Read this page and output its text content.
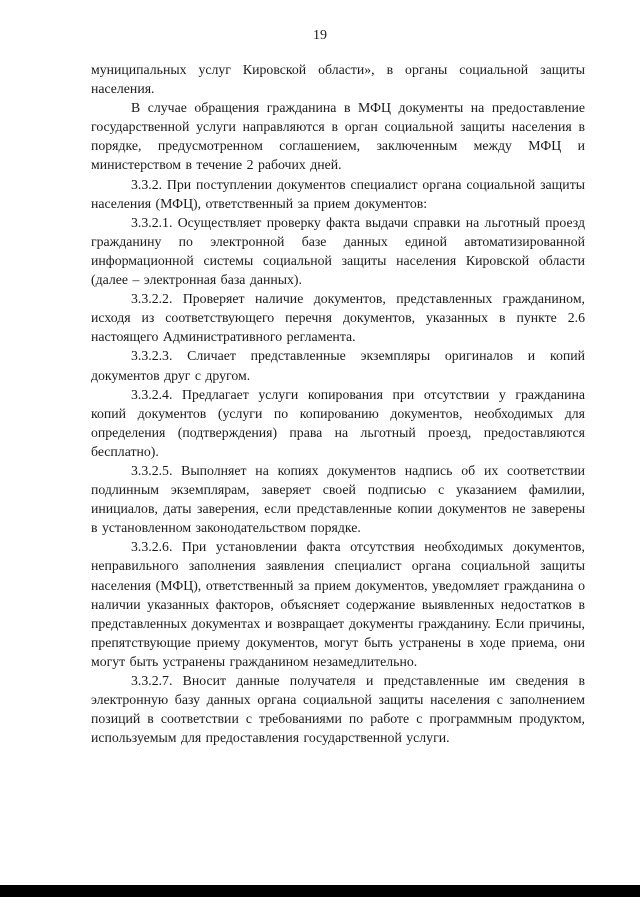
19

муниципальных услуг Кировской области», в органы социальной защиты населения.

В случае обращения гражданина в МФЦ документы на предоставление государственной услуги направляются в орган социальной защиты населения в порядке, предусмотренном соглашением, заключенным между МФЦ и министерством в течение 2 рабочих дней.

3.3.2. При поступлении документов специалист органа социальной защиты населения (МФЦ), ответственный за прием документов:

3.3.2.1. Осуществляет проверку факта выдачи справки на льготный проезд гражданину по электронной базе данных единой автоматизированной информационной системы социальной защиты населения Кировской области (далее – электронная база данных).

3.3.2.2. Проверяет наличие документов, представленных гражданином, исходя из соответствующего перечня документов, указанных в пункте 2.6 настоящего Административного регламента.

3.3.2.3. Сличает представленные экземпляры оригиналов и копий документов друг с другом.

3.3.2.4. Предлагает услуги копирования при отсутствии у гражданина копий документов (услуги по копированию документов, необходимых для определения (подтверждения) права на льготный проезд, предоставляются бесплатно).

3.3.2.5. Выполняет на копиях документов надпись об их соответствии подлинным экземплярам, заверяет своей подписью с указанием фамилии, инициалов, даты заверения, если представленные копии документов не заверены в установленном законодательством порядке.

3.3.2.6. При установлении факта отсутствия необходимых документов, неправильного заполнения заявления специалист органа социальной защиты населения (МФЦ), ответственный за прием документов, уведомляет гражданина о наличии указанных факторов, объясняет содержание выявленных недостатков в представленных документах и возвращает документы гражданину. Если причины, препятствующие приему документов, могут быть устранены в ходе приема, они могут быть устранены гражданином незамедлительно.

3.3.2.7. Вносит данные получателя и представленные им сведения в электронную базу данных органа социальной защиты населения с заполнением позиций в соответствии с требованиями по работе с программным продуктом, используемым для предоставления государственной услуги.
